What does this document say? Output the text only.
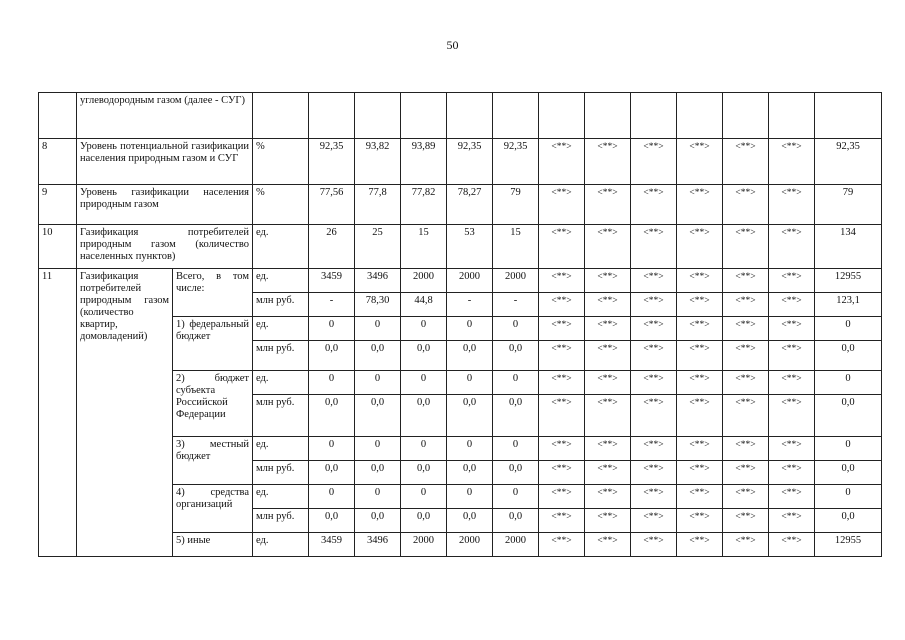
50
	углеводородным газом (далее - СУГ)														
8	Уровень потенциальной газификации населения природным газом и СУГ		%	92,35	93,82	93,89	92,35	92,35	<**>	<**>	<**>	<**>	<**>	<**>	92,35
9	Уровень газификации населения природным газом		%	77,56	77,8	77,82	78,27	79	<**>	<**>	<**>	<**>	<**>	<**>	79
10	Газификация потребителей природным газом (количество населенных пунктов)		ед.	26	25	15	53	15	<**>	<**>	<**>	<**>	<**>	<**>	134
11	Газификация потребителей природным газом (количество квартир, домовладений)	Всего, в том числе:	ед.	3459	3496	2000	2000	2000	<**>	<**>	<**>	<**>	<**>	<**>	12955
			млн руб.	-	78,30	44,8	-	-	<**>	<**>	<**>	<**>	<**>	<**>	123,1
		1) федеральный бюджет	ед.	0	0	0	0	0	<**>	<**>	<**>	<**>	<**>	<**>	0
			млн руб.	0,0	0,0	0,0	0,0	0,0	<**>	<**>	<**>	<**>	<**>	<**>	0,0
		2) бюджет субъекта Российской Федерации	ед.	0	0	0	0	0	<**>	<**>	<**>	<**>	<**>	<**>	0
			млн руб.	0,0	0,0	0,0	0,0	0,0	<**>	<**>	<**>	<**>	<**>	<**>	0,0
		3) местный бюджет	ед.	0	0	0	0	0	<**>	<**>	<**>	<**>	<**>	<**>	0
			млн руб.	0,0	0,0	0,0	0,0	0,0	<**>	<**>	<**>	<**>	<**>	<**>	0,0
		4) средства организаций	ед.	0	0	0	0	0	<**>	<**>	<**>	<**>	<**>	<**>	0
			млн руб.	0,0	0,0	0,0	0,0	0,0	<**>	<**>	<**>	<**>	<**>	<**>	0,0
		5) иные	ед.	3459	3496	2000	2000	2000	<**>	<**>	<**>	<**>	<**>	<**>	12955
